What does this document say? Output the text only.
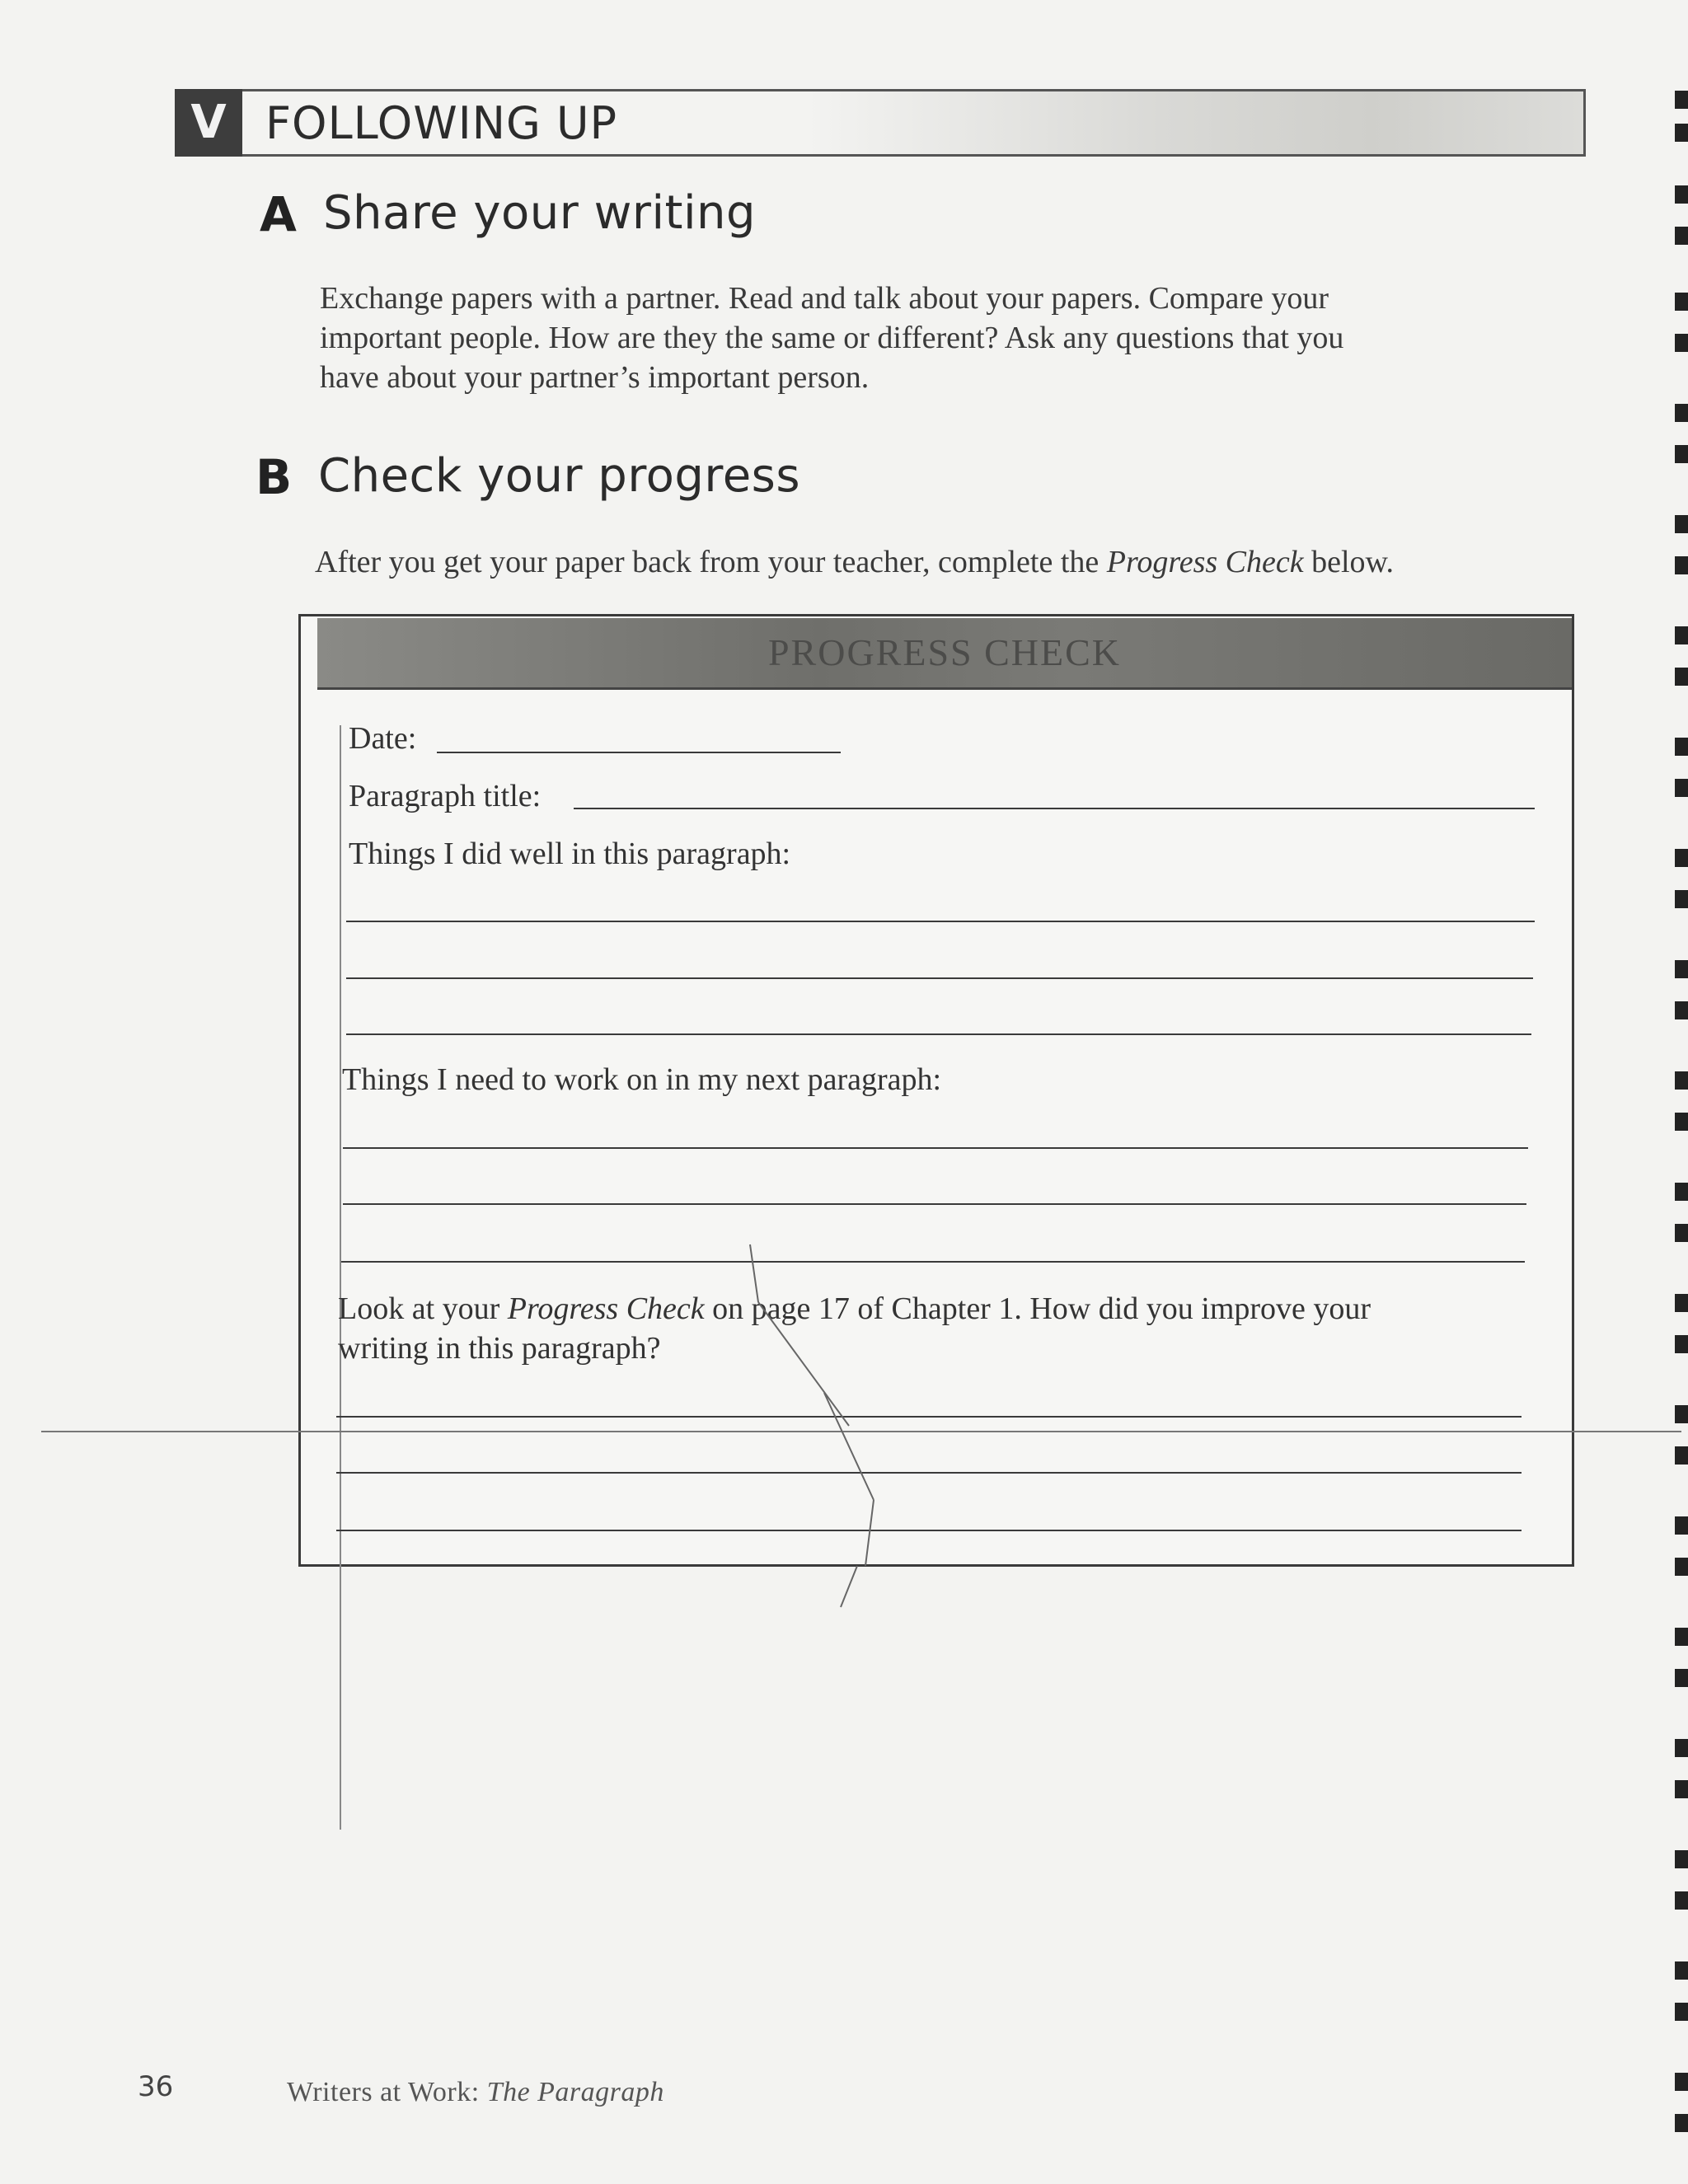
V FOLLOWING UP
A Share your writing
Exchange papers with a partner. Read and talk about your papers. Compare your
important people. How are they the same or different? Ask any questions that you
have about your partner’s important person.
B Check your progress
After you get your paper back from your teacher, complete the Progress Check below.
PROGRESS CHECK
Date:
Paragraph title:
Things I did well in this paragraph:
Things I need to work on in my next paragraph:
Look at your Progress Check on page 17 of Chapter 1. How did you improve your
writing in this paragraph?
36	Writers at Work: The Paragraph
